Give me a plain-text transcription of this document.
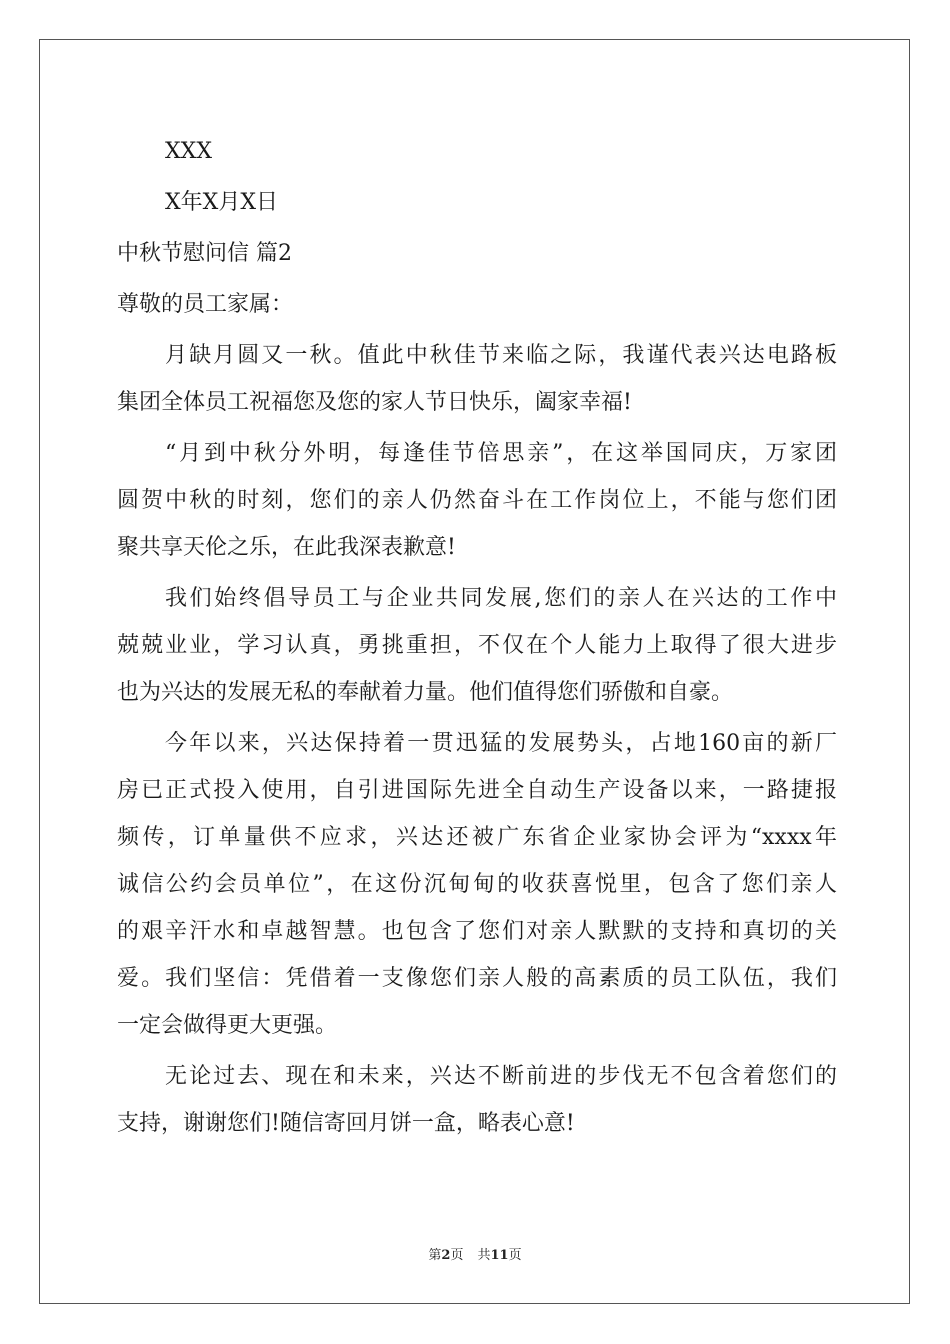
XXX

X年X月X日

中秋节慰问信 篇2

尊敬的员工家属：

月缺月圆又一秋。值此中秋佳节来临之际，我谨代表兴达电路板

集团全体员工祝福您及您的家人节日快乐，阖家幸福!

“月到中秋分外明，每逢佳节倍思亲”，在这举国同庆，万家团

圆贺中秋的时刻，您们的亲人仍然奋斗在工作岗位上，不能与您们团

聚共享天伦之乐，在此我深表歉意!

我们始终倡导员工与企业共同发展,您们的亲人在兴达的工作中

兢兢业业，学习认真，勇挑重担，不仅在个人能力上取得了很大进步

也为兴达的发展无私的奉献着力量。他们值得您们骄傲和自豪。

今年以来，兴达保持着一贯迅猛的发展势头，占地160亩的新厂

房已正式投入使用，自引进国际先进全自动生产设备以来，一路捷报

频传，订单量供不应求，兴达还被广东省企业家协会评为“xxxx年

诚信公约会员单位”，在这份沉甸甸的收获喜悦里，包含了您们亲人

的艰辛汗水和卓越智慧。也包含了您们对亲人默默的支持和真切的关

爱。我们坚信：凭借着一支像您们亲人般的高素质的员工队伍，我们

一定会做得更大更强。

无论过去、现在和未来，兴达不断前进的步伐无不包含着您们的

支持，谢谢您们!随信寄回月饼一盒，略表心意!

第2页 共11页
